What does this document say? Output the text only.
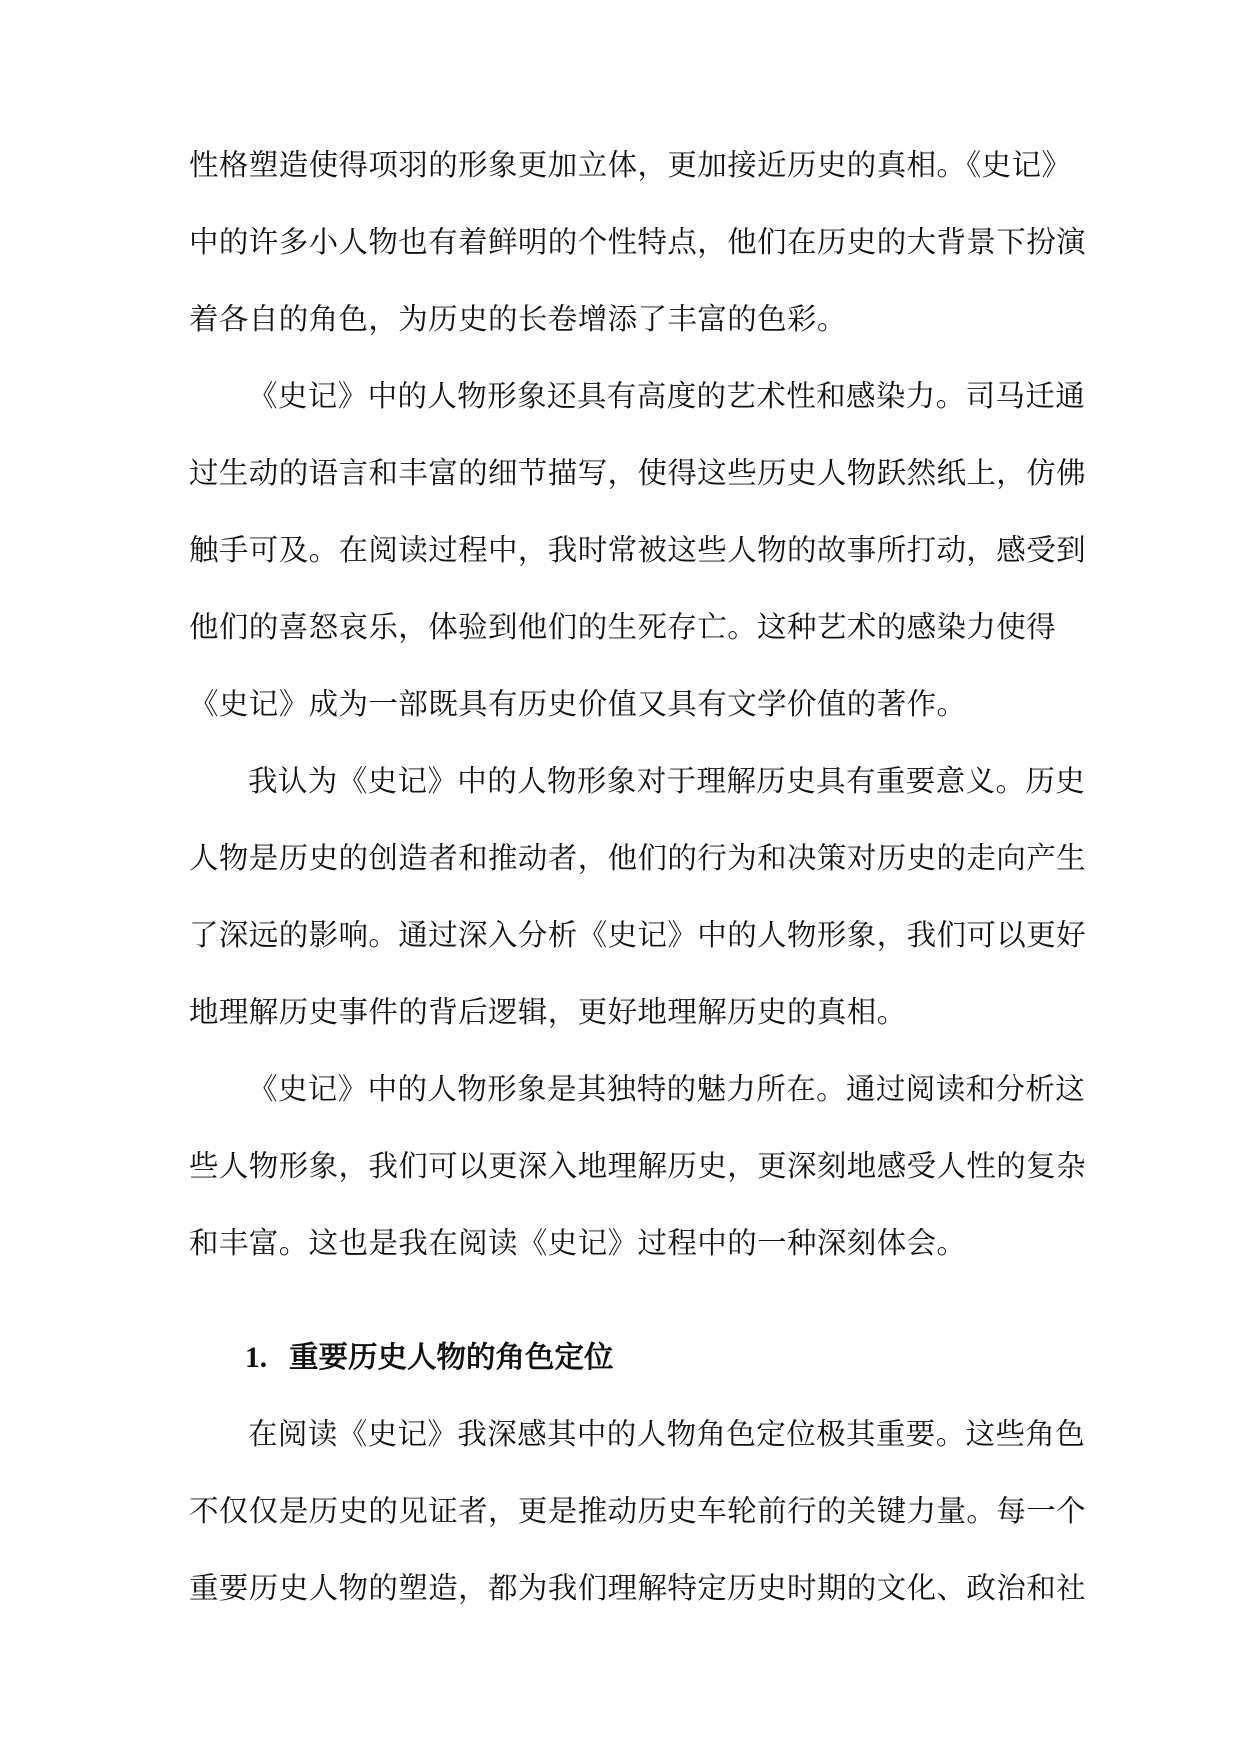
性格塑造使得项羽的形象更加立体，更加接近历史的真相。《史记》
中的许多小人物也有着鲜明的个性特点，他们在历史的大背景下扮演
着各自的角色，为历史的长卷增添了丰富的色彩。
《史记》中的人物形象还具有高度的艺术性和感染力。司马迁通
过生动的语言和丰富的细节描写，使得这些历史人物跃然纸上，仿佛
触手可及。在阅读过程中，我时常被这些人物的故事所打动，感受到
他们的喜怒哀乐，体验到他们的生死存亡。这种艺术的感染力使得
《史记》成为一部既具有历史价值又具有文学价值的著作。
我认为《史记》中的人物形象对于理解历史具有重要意义。历史
人物是历史的创造者和推动者，他们的行为和决策对历史的走向产生
了深远的影响。通过深入分析《史记》中的人物形象，我们可以更好
地理解历史事件的背后逻辑，更好地理解历史的真相。
《史记》中的人物形象是其独特的魅力所在。通过阅读和分析这
些人物形象，我们可以更深入地理解历史，更深刻地感受人性的复杂
和丰富。这也是我在阅读《史记》过程中的一种深刻体会。
1. 重要历史人物的角色定位
在阅读《史记》我深感其中的人物角色定位极其重要。这些角色
不仅仅是历史的见证者，更是推动历史车轮前行的关键力量。每一个
重要历史人物的塑造，都为我们理解特定历史时期的文化、政治和社
